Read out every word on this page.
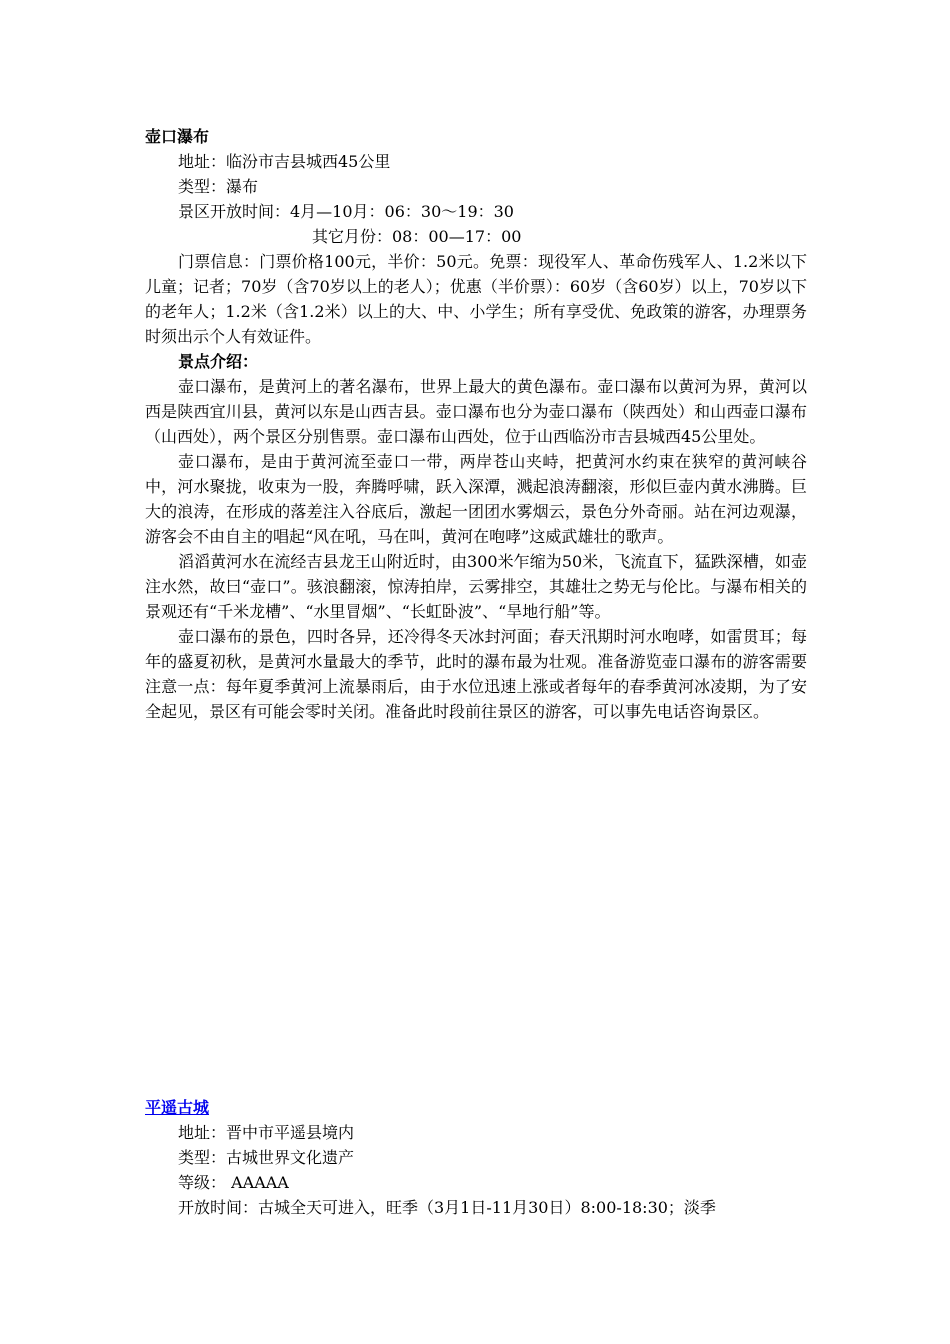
壶口瀑布
地址：临汾市吉县城西45公里
类型：瀑布
景区开放时间：4月—10月：06：30～19：30
其它月份：08：00—17：00

门票信息：门票价格100元，半价：50元。免票：现役军人、革命伤残军人、1.2米以下儿童；记者；70岁（含70岁以上的老人）；优惠（半价票）：60岁（含60岁）以上，70岁以下的老年人；1.2米（含1.2米）以上的大、中、小学生；所有享受优、免政策的游客，办理票务时须出示个人有效证件。

景点介绍：

壶口瀑布，是黄河上的著名瀑布，世界上最大的黄色瀑布。壶口瀑布以黄河为界，黄河以西是陕西宜川县，黄河以东是山西吉县。壶口瀑布也分为壶口瀑布（陕西处）和山西壶口瀑布（山西处），两个景区分别售票。壶口瀑布山西处，位于山西临汾市吉县城西45公里处。

壶口瀑布，是由于黄河流至壶口一带，两岸苍山夹峙，把黄河水约束在狭窄的黄河峡谷中，河水聚拢，收束为一股，奔腾呼啸，跃入深潭，溅起浪涛翻滚，形似巨壶内黄水沸腾。巨大的浪涛，在形成的落差注入谷底后，激起一团团水雾烟云，景色分外奇丽。站在河边观瀑，游客会不由自主的唱起“风在吼，马在叫，黄河在咆哮”这威武雄壮的歌声。

滔滔黄河水在流经吉县龙王山附近时，由300米乍缩为50米，飞流直下，猛跌深槽，如壶注水然，故曰“壶口”。骇浪翻滚，惊涛拍岸，云雾排空，其雄壮之势无与伦比。与瀑布相关的景观还有“千米龙槽”、“水里冒烟”、“长虹卧波”、“旱地行船”等。

壶口瀑布的景色，四时各异，还冷得冬天冰封河面；春天汛期时河水咆哮，如雷贯耳；每年的盛夏初秋，是黄河水量最大的季节，此时的瀑布最为壮观。准备游览壶口瀑布的游客需要注意一点：每年夏季黄河上流暴雨后，由于水位迅速上涨或者每年的春季黄河冰凌期，为了安全起见，景区有可能会零时关闭。准备此时段前往景区的游客，可以事先电话咨询景区。

平遥古城
地址：晋中市平遥县境内
类型：古城世界文化遗产
等级： AAAAA
开放时间：古城全天可进入，旺季（3月1日-11月30日）8:00-18:30；淡季
